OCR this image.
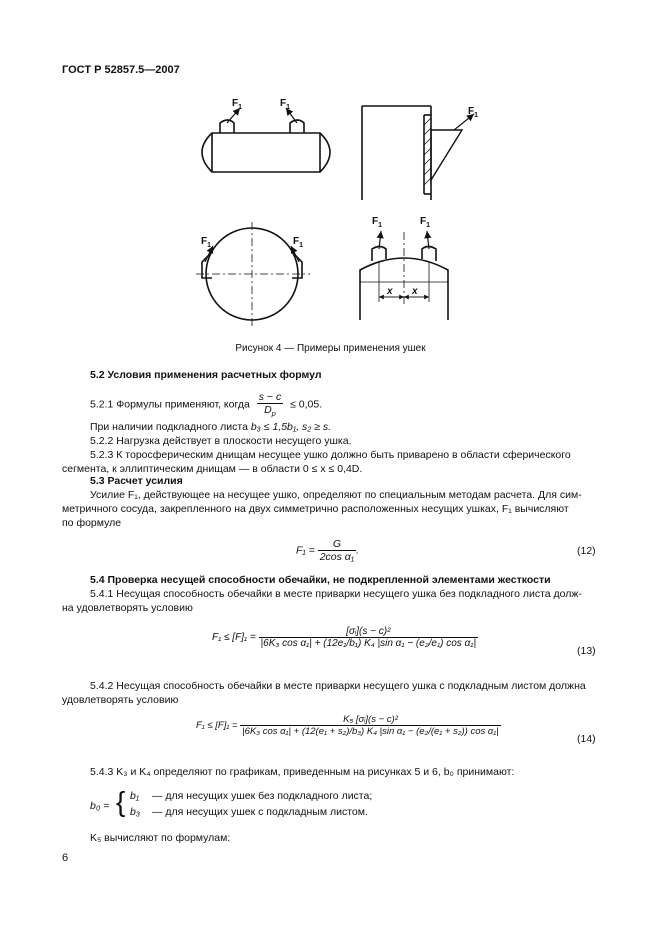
ГОСТ Р 52857.5—2007
$F_1$	$F_1$	$F_1$
$F_1$	$F_1$
$F_1$	$F_1$
x x
Рисунок 4 — Примеры применения ушек
5.2 Условия применения расчетных формул
5.2.1 Формулы применяют, когда $\frac{s - c}{D_p} \le 0,05$.
При наличии подкладного листа b₃ ≤ 1,5b₁, s₂ ≥ s.
5.2.2 Нагрузка действует в плоскости несущего ушка.
5.2.3 К торосферическим днищам несущее ушко должно быть приварено в области сферического
сегмента, к эллиптическим днищам — в области 0 ≤ x ≤ 0,4D.
5.3 Расчет усилия
Усилие F₁, действующее на несущее ушко, определяют по специальным методам расчета. Для сим-
метричного сосуда, закрепленного на двух симметрично расположенных несущих ушках, F₁ вычисляют
по формуле
$F_1 = \frac{G}{\text{2cos α₁}}$ .	(12)
5.4 Проверка несущей способности обечайки, не подкрепленной элементами жесткости
5.4.1 Несущая способность обечайки в месте приварки несущего ушка без подкладного листа долж-
на удовлетворять условию
$F_1 \le [F]_1 = \frac{\text{[σᵢ](s − c)²}}{\text{|6K₃ cos α₁| + (12e₁/b₁) K₄ |sin α₁ − (e₂/e₁) cos α₁|}}$
(13)
5.4.2 Несущая способность обечайки в месте приварки несущего ушка с подкладным листом должна
удовлетворять условию
F₁ ≤ [F]₁ =
K₅ [σᵢ](s − c)²
|6K₃ cos α₁| + (12(e₁ + s₂)/b₃) K₄ |sin α₁ − (e₂/(e₁ + s₂)) cos α₁|
(14)
5.4.3 K₃ и K₄ определяют по графикам, приведенным на рисунках 5 и 6, b₀ принимают:
b₀ = { b₁ — для несущих ушек без подкладного листа;
b₃ — для несущих ушек с подкладным листом.
K₅ вычисляют по формулам:
6
